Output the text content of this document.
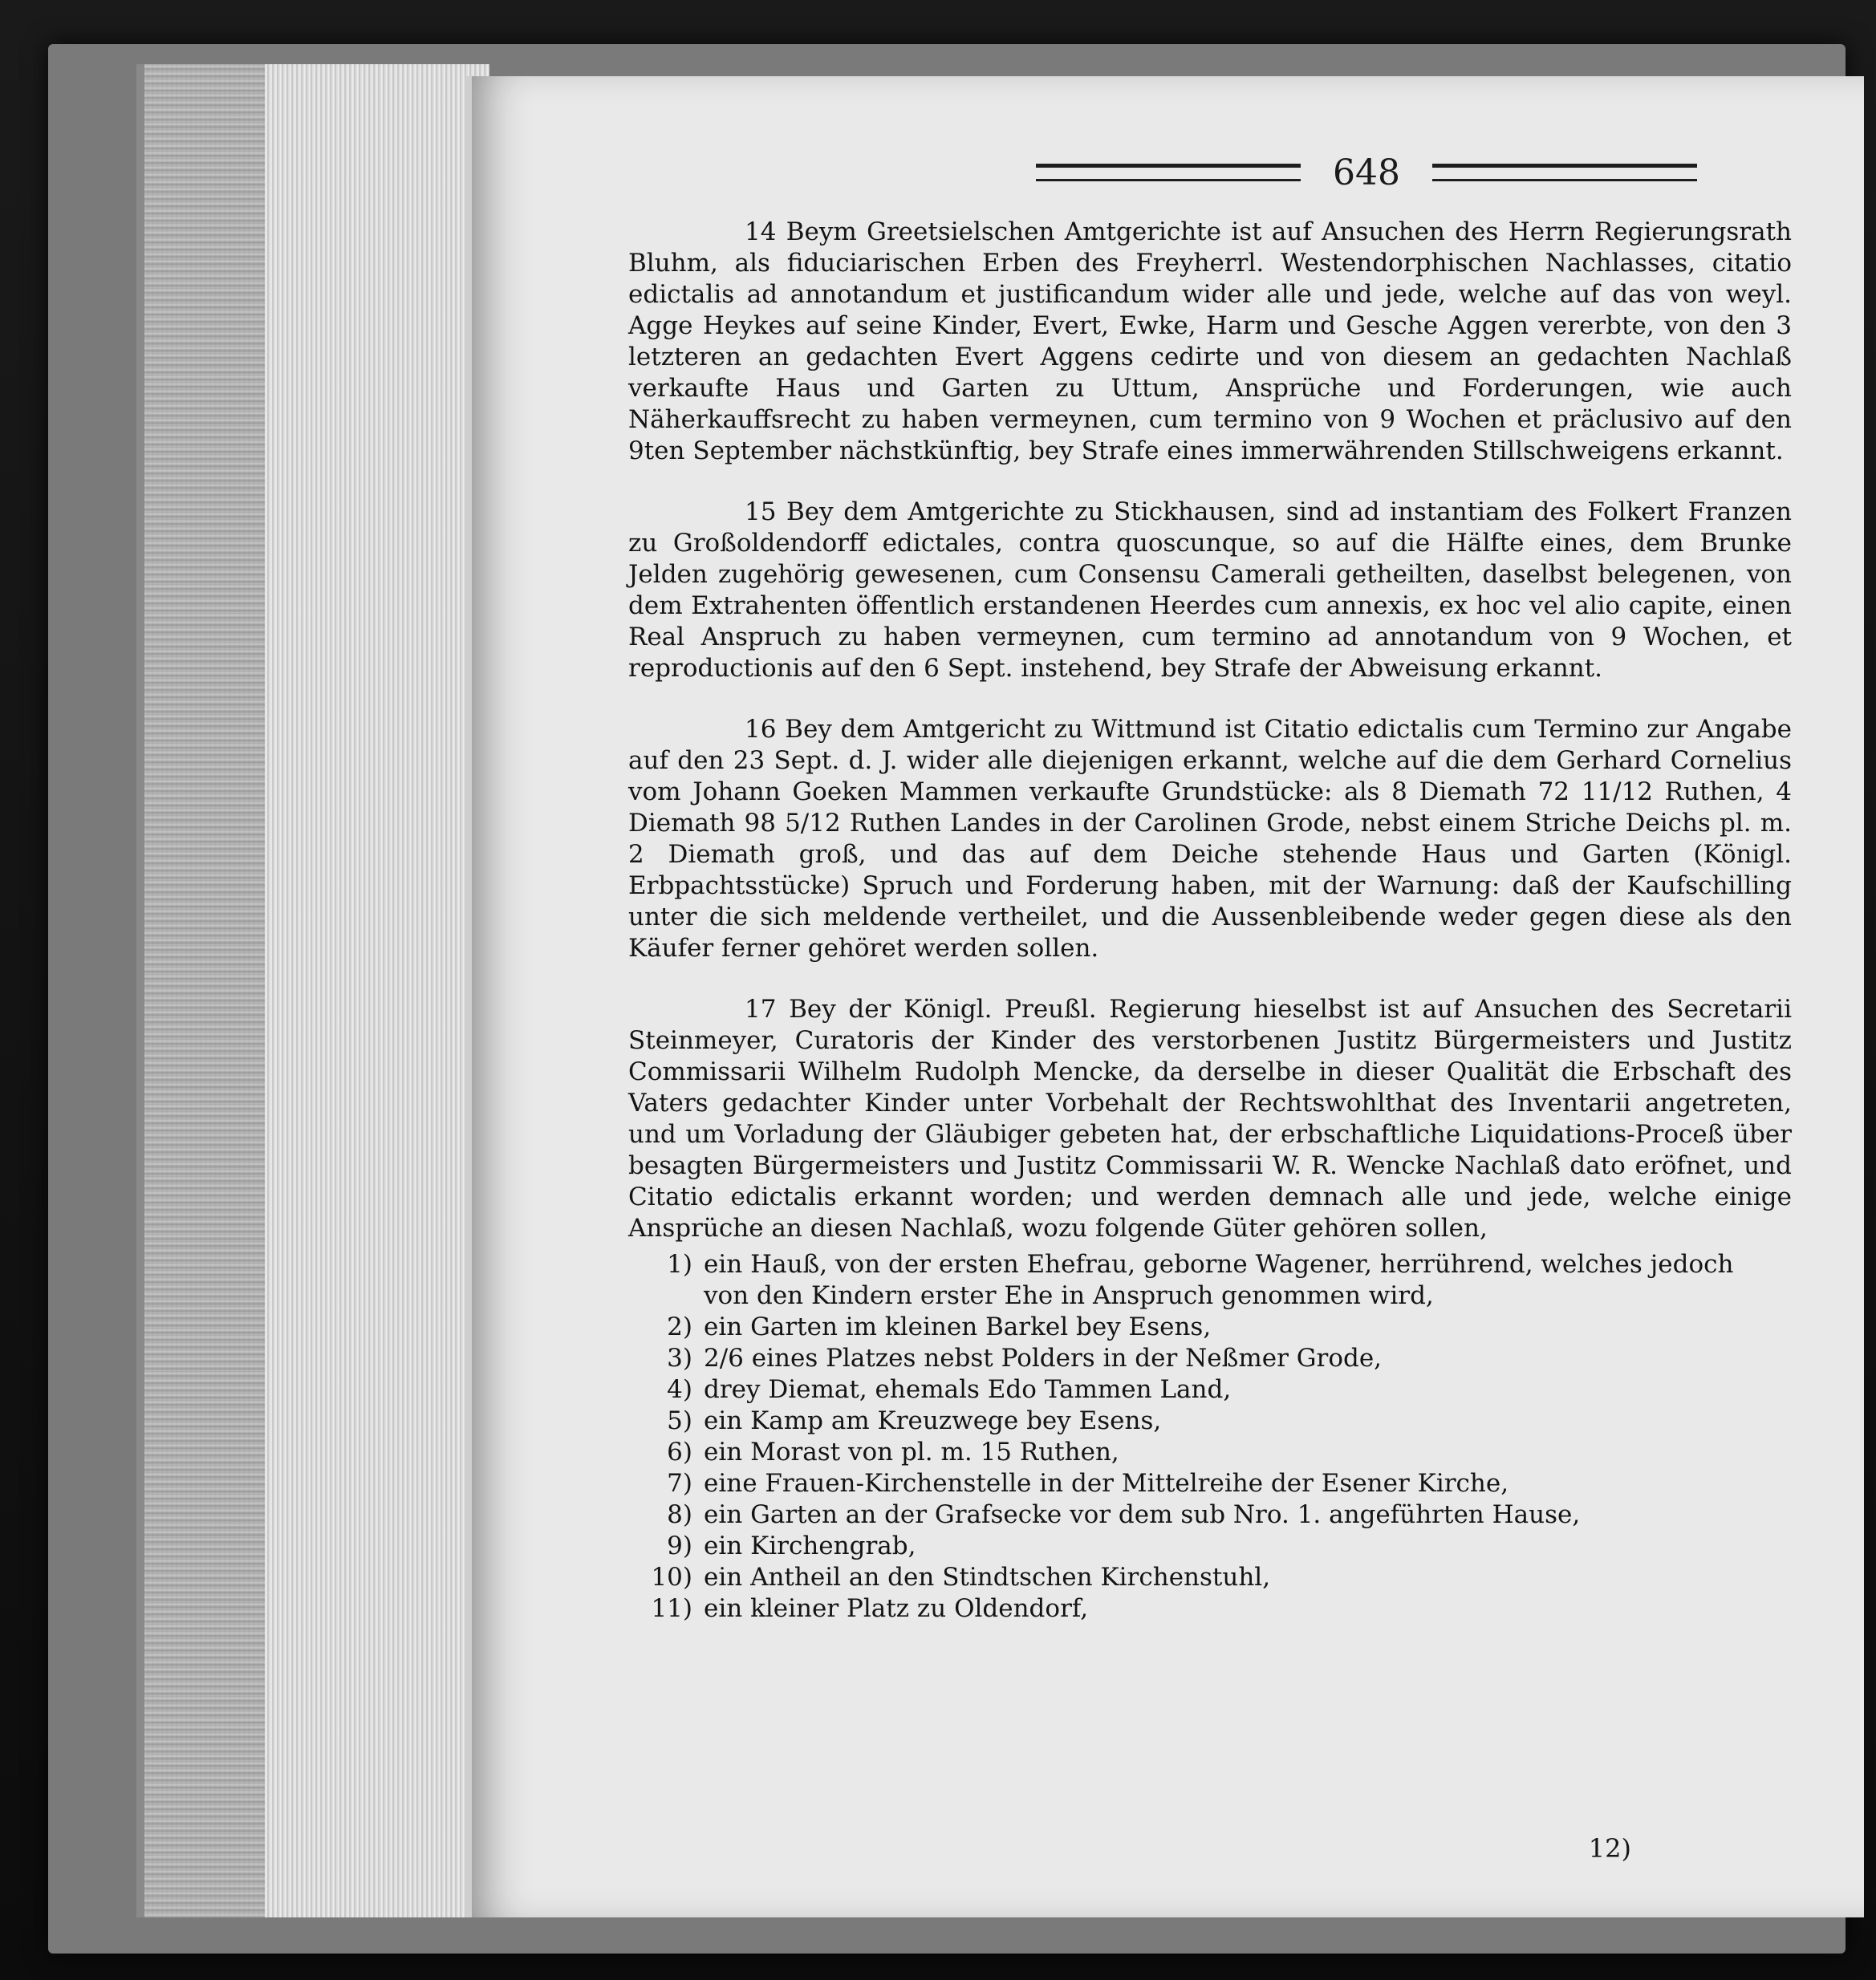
648

14 Beym Greetsielschen Amtgerichte ist auf Ansuchen des Herrn Regierungsrath Bluhm, als fiduciarischen Erben des Freyherrl. Westendorphischen Nachlasses, citatio edictalis ad annotandum et justificandum wider alle und jede, welche auf das von weyl. Agge Heykes auf seine Kinder, Evert, Ewke, Harm und Gesche Aggen vererbte, von den 3 letzteren an gedachten Evert Aggens cedirte und von diesem an gedachten Nachlaß verkaufte Haus und Garten zu Uttum, Ansprüche und Forderungen, wie auch Näherkauffsrecht zu haben vermeynen, cum termino von 9 Wochen et präclusivo auf den 9ten September nächstkünftig, bey Strafe eines immerwährenden Stillschweigens erkannt.

15 Bey dem Amtgerichte zu Stickhausen, sind ad instantiam des Folkert Franzen zu Großoldendorff edictales, contra quoscunque, so auf die Hälfte eines, dem Brunke Jelden zugehörig gewesenen, cum Consensu Camerali getheilten, daselbst belegenen, von dem Extrahenten öffentlich erstandenen Heerdes cum annexis, ex hoc vel alio capite, einen Real Anspruch zu haben vermeynen, cum termino ad annotandum von 9 Wochen, et reproductionis auf den 6 Sept. instehend, bey Strafe der Abweisung erkannt.

16 Bey dem Amtgericht zu Wittmund ist Citatio edictalis cum Termino zur Angabe auf den 23 Sept. d. J. wider alle diejenigen erkannt, welche auf die dem Gerhard Cornelius vom Johann Goeken Mammen verkaufte Grundstücke: als 8 Diemath 72 11/12 Ruthen, 4 Diemath 98 5/12 Ruthen Landes in der Carolinen Grode, nebst einem Striche Deichs pl. m. 2 Diemath groß, und das auf dem Deiche stehende Haus und Garten (Königl. Erbpachtsstücke) Spruch und Forderung haben, mit der Warnung: daß der Kaufschilling unter die sich meldende vertheilet, und die Aussenbleibende weder gegen diese als den Käufer ferner gehöret werden sollen.

17 Bey der Königl. Preußl. Regierung hieselbst ist auf Ansuchen des Secretarii Steinmeyer, Curatoris der Kinder des verstorbenen Justitz Bürgermeisters und Justitz Commissarii Wilhelm Rudolph Mencke, da derselbe in dieser Qualität die Erbschaft des Vaters gedachter Kinder unter Vorbehalt der Rechtswohlthat des Inventarii angetreten, und um Vorladung der Gläubiger gebeten hat, der erbschaftliche Liquidations-Proceß über besagten Bürgermeisters und Justitz Commissarii W. R. Wencke Nachlaß dato eröfnet, und Citatio edictalis erkannt worden; und werden demnach alle und jede, welche einige Ansprüche an diesen Nachlaß, wozu folgende Güter gehören sollen,

1) ein Hauß, von der ersten Ehefrau, geborne Wagener, herrührend, welches jedoch
von den Kindern erster Ehe in Anspruch genommen wird,
2) ein Garten im kleinen Barkel bey Esens,
3) 2/6 eines Platzes nebst Polders in der Neßmer Grode,
4) drey Diemat, ehemals Edo Tammen Land,
5) ein Kamp am Kreuzwege bey Esens,
6) ein Morast von pl. m. 15 Ruthen,
7) eine Frauen-Kirchenstelle in der Mittelreihe der Esener Kirche,
8) ein Garten an der Grafsecke vor dem sub Nro. 1. angeführten Hause,
9) ein Kirchengrab,
10) ein Antheil an den Stindtschen Kirchenstuhl,
11) ein kleiner Platz zu Oldendorf,
12)
